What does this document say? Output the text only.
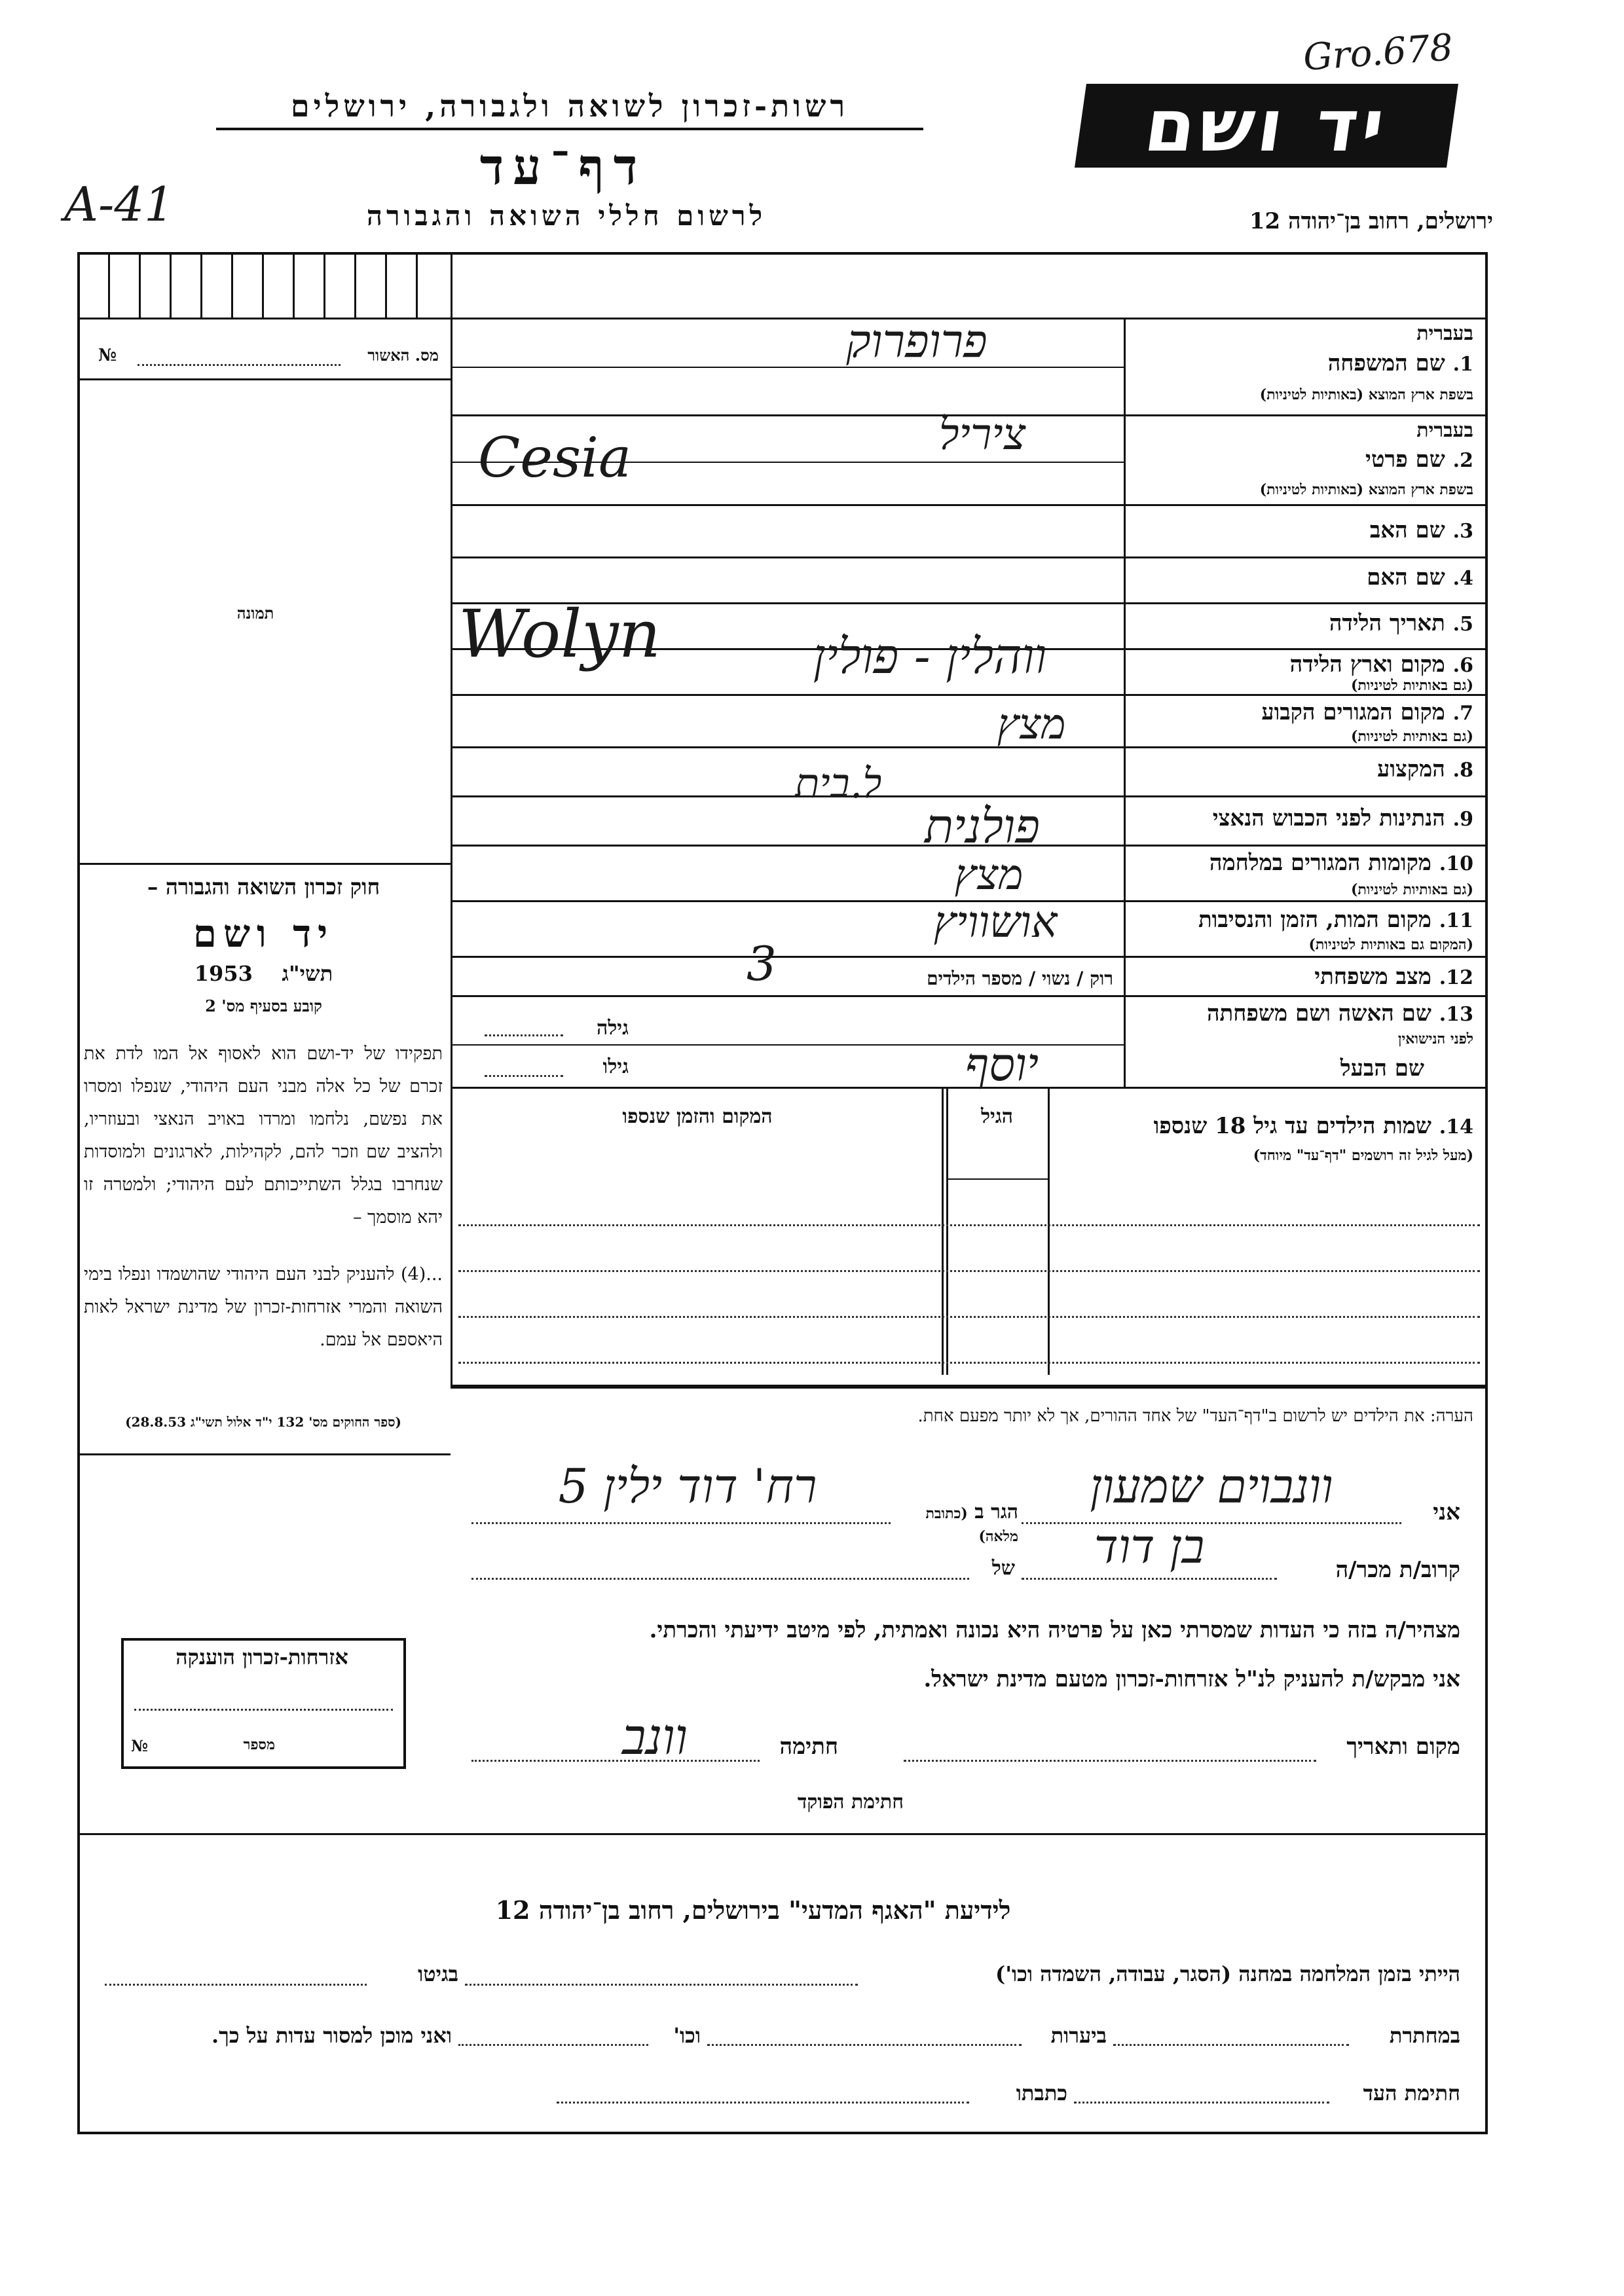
Gro.678
יד ושם
רשות-זכרון לשואה ולגבורה, ירושלים
דף־עד
A-41	לרשום חללי השואה והגבורה	ירושלים, רחוב בן־יהודה 12
מס. האשור
№
תמונה
חוק זכרון השואה והגבורה –
יד ושם
תשי"ג    1953
קובע בסעיף מס' 2
תפקידו של יד-ושם הוא לאסוף אל המו לדת את זכרם של כל אלה מבני העם היהודי, שנפלו ומסרו את נפשם, נלחמו ומרדו באויב הנאצי ובעוזריו, ולהציב שם וזכר להם, לקהילות, לארגונים ולמוסדות שנחרבו בגלל השתייכותם לעם היהודי; ולמטרה זו יהא מוסמך –
...(4) להעניק לבני העם היהודי שהושמדו ונפלו בימי השואה והמרי אזרחות-זכרון של מדינת ישראל לאות היאספם אל עמם.
(ספר החוקים מס' 132 י"ד אלול תשי"ג 28.8.53)
בעברית
1. שם המשפחה
בשפת ארץ המוצא (באותיות לטיניות)
פרופרוק
בעברית
2. שם פרטי
בשפת ארץ המוצא (באותיות לטיניות)
ציריל
Cesia
3. שם האב
4. שם האם
5. תאריך הלידה
6. מקום וארץ הלידה
(גם באותיות לטיניות)
ווהלין - פולין
Wolyn
7. מקום המגורים הקבוע
(גם באותיות לטיניות)
מצץ
8. המקצוע
ל.בית
9. הנתינות לפני הכבוש הנאצי
פולנית
10. מקומות המגורים במלחמה
(גם באותיות לטיניות)
מצץ
11. מקום המות, הזמן והנסיבות
(המקום גם באותיות לטיניות)
אושוויץ
12. מצב משפחתי
רוק / נשוי / מספר הילדים
3
13. שם האשה ושם משפחתה
לפני הנישואין
גילה
שם הבעל
יוסף
גילו
14. שמות הילדים עד גיל 18 שנספו
(מעל לגיל זה רושמים "דף־עד" מיוחד)
הגיל
המקום והזמן שנספו
הערה: את הילדים יש לרשום ב"דף־העד" של אחד ההורים, אך לא יותר מפעם אחת.
אני
וונבוים שמעון
הגר ב (כתובת מלאה)
רח' דוד ילין 5
קרוב/ת מכר/ה
בן דוד
של
מצהיר/ה בזה כי העדות שמסרתי כאן על פרטיה היא נכונה ואמתית, לפי מיטב ידיעתי והכרתי.
אני מבקש/ת להעניק לנ"ל אזרחות-זכרון מטעם מדינת ישראל.
מקום ותאריך
חתימה
וונב
חתימת הפוקד
אזרחות-זכרון הוענקה
מספר
№
לידיעת "האגף המדעי" בירושלים, רחוב בן־יהודה 12
הייתי בזמן המלחמה במחנה (הסגר, עבודה, השמדה וכו')
בגיטו
במחתרת
ביערות
וכו'
ואני מוכן למסור עדות על כך.
חתימת העד
כתבתו
